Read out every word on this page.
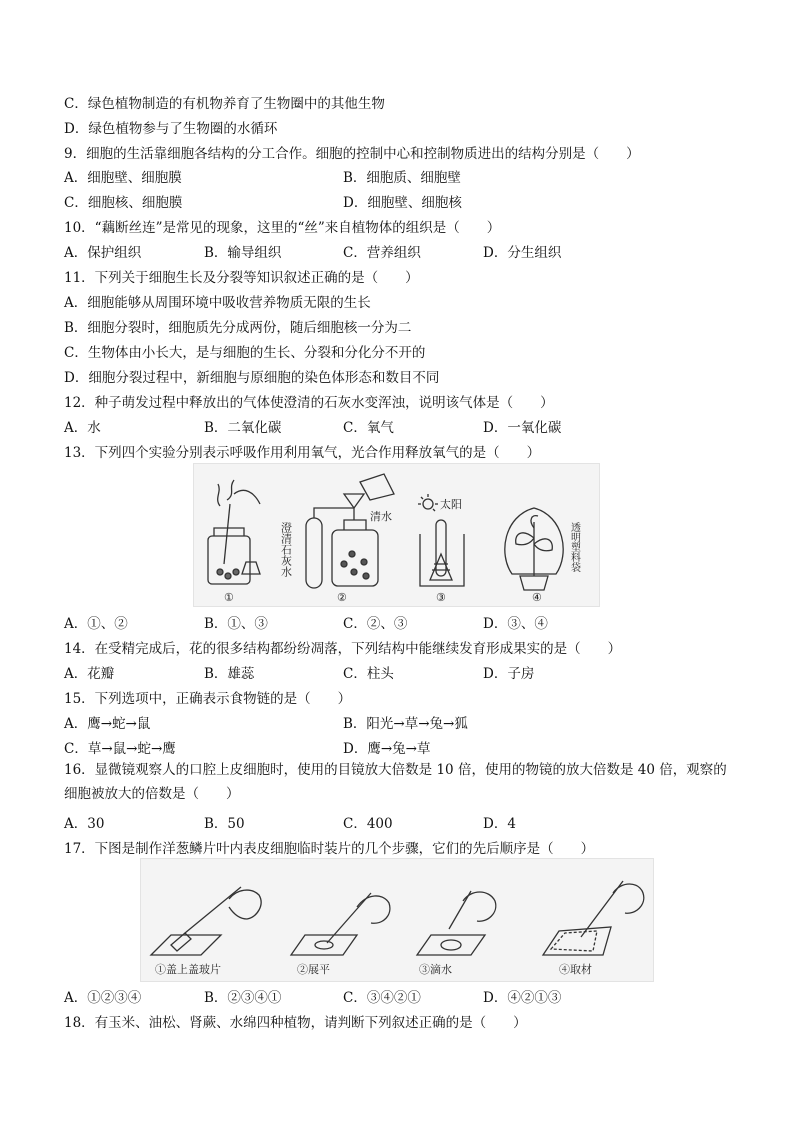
C．绿色植物制造的有机物养育了生物圈中的其他生物
D．绿色植物参与了生物圈的水循环
9．细胞的生活靠细胞各结构的分工合作。细胞的控制中心和控制物质进出的结构分别是（　　）
A．细胞壁、细胞膜	B．细胞质、细胞壁
C．细胞核、细胞膜	D．细胞壁、细胞核
10．“藕断丝连”是常见的现象，这里的“丝”来自植物体的组织是（　　）
A．保护组织	B．输导组织	C．营养组织	D．分生组织
11．下列关于细胞生长及分裂等知识叙述正确的是（　　）
A．细胞能够从周围环境中吸收营养物质无限的生长
B．细胞分裂时，细胞质先分成两份，随后细胞核一分为二
C．生物体由小长大，是与细胞的生长、分裂和分化分不开的
D．细胞分裂过程中，新细胞与原细胞的染色体形态和数目不同
12．种子萌发过程中释放出的气体使澄清的石灰水变浑浊，说明该气体是（　　）
A．水	B．二氧化碳	C．氧气	D．一氧化碳
13．下列四个实验分别表示呼吸作用利用氧气，光合作用释放氧气的是（　　）
①
澄清石灰水
清水
②
太阳
③
透明塑料袋
④
A．①、②	B．①、③	C．②、③	D．③、④
14．在受精完成后，花的很多结构都纷纷凋落，下列结构中能继续发育形成果实的是（　　）
A．花瓣	B．雄蕊	C．柱头	D．子房
15．下列选项中，正确表示食物链的是（　　）
A．鹰→蛇→鼠	B．阳光→草→兔→狐
C．草→鼠→蛇→鹰	D．鹰→兔→草
16．显微镜观察人的口腔上皮细胞时，使用的目镜放大倍数是 10 倍，使用的物镜的放大倍数是 40 倍，观察的细胞被放大的倍数是（　　）
A．30	B．50	C．400	D．4
17．下图是制作洋葱鳞片叶内表皮细胞临时装片的几个步骤，它们的先后顺序是（　　）
①盖上盖玻片	②展平	③滴水	④取材
A．①②③④	B．②③④①	C．③④②①	D．④②①③
18．有玉米、油松、肾蕨、水绵四种植物，请判断下列叙述正确的是（　　）
